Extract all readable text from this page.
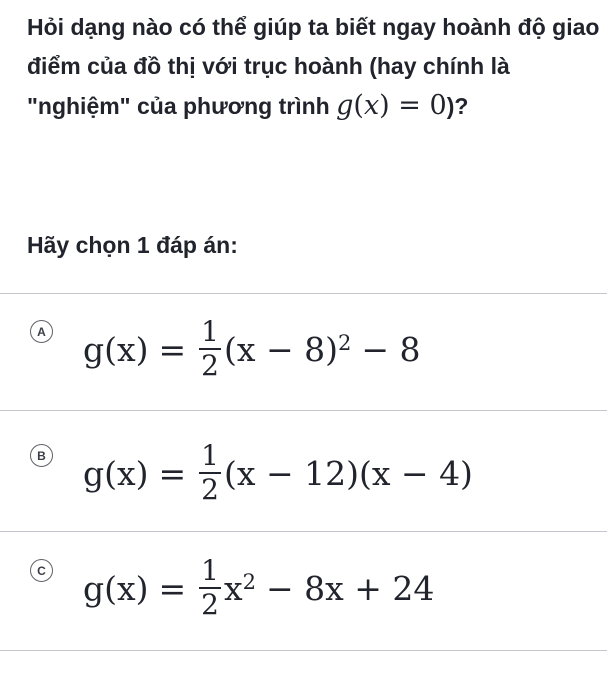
Hỏi dạng nào có thể giúp ta biết ngay hoành độ giao điểm của đồ thị với trục hoành (hay chính là "nghiệm" của phương trình g(x) = 0)?
Hãy chọn 1 đáp án:
A $g(x) = \frac{1}{2} (x - 8)^2 - 8$
B $g(x) = \frac{1}{2} (x - 12)(x - 4)$
C $g(x) = \frac{1}{2} x^2 - 8x + 24$
